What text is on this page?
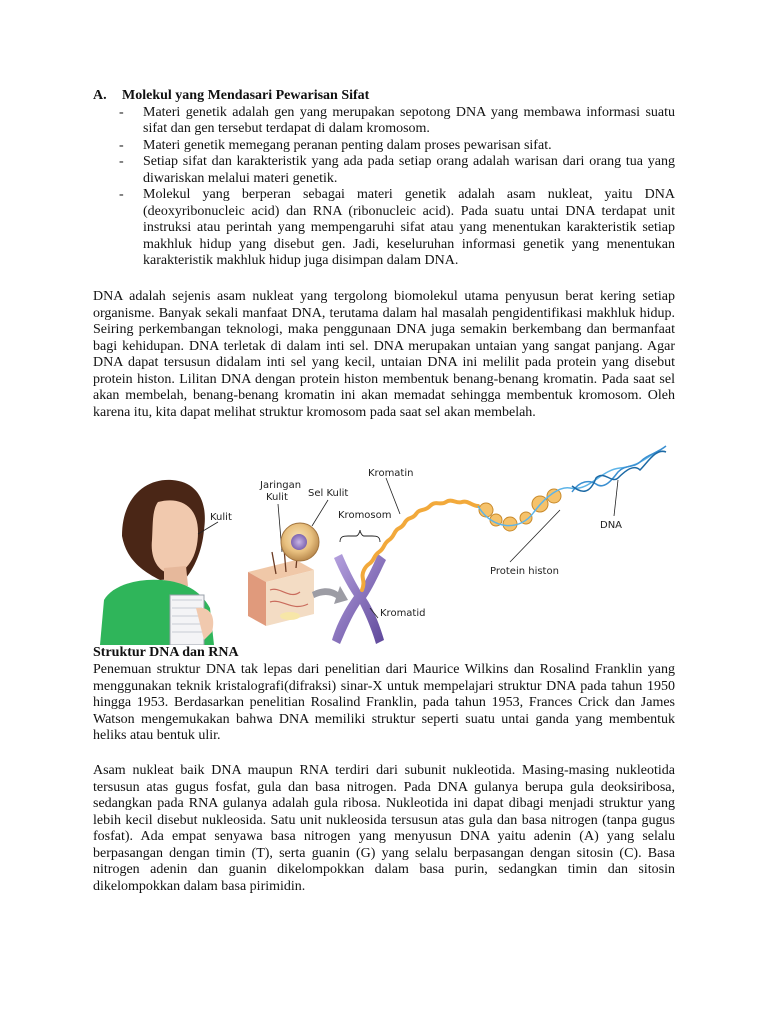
A.	Molekul yang Mendasari Pewarisan Sifat
- Materi genetik adalah gen yang merupakan sepotong DNA yang membawa informasi suatu sifat dan gen tersebut terdapat di dalam kromosom.
- Materi genetik memegang peranan penting dalam proses pewarisan sifat.
- Setiap sifat dan karakteristik yang ada pada setiap orang adalah warisan dari orang tua yang diwariskan melalui materi genetik.
- Molekul yang berperan sebagai materi genetik adalah asam nukleat, yaitu DNA (deoxyribonucleic acid) dan RNA (ribonucleic acid). Pada suatu untai DNA terdapat unit instruksi atau perintah yang mempengaruhi sifat atau yang menentukan karakteristik setiap makhluk hidup yang disebut gen. Jadi, keseluruhan informasi genetik yang menentukan karakteristik makhluk hidup juga disimpan dalam DNA.

DNA adalah sejenis asam nukleat yang tergolong biomolekul utama penyusun berat kering setiap organisme. Banyak sekali manfaat DNA, terutama dalam hal masalah pengidentifikasi makhluk hidup. Seiring perkembangan teknologi, maka penggunaan DNA juga semakin berkembang dan bermanfaat bagi kehidupan. DNA terletak di dalam inti sel. DNA merupakan untaian yang sangat panjang. Agar DNA dapat tersusun didalam inti sel yang kecil, untaian DNA ini melilit pada protein yang disebut protein histon. Lilitan DNA dengan protein histon membentuk benang-benang kromatin. Pada saat sel akan membelah, benang-benang kromatin ini akan memadat sehingga membentuk kromosom. Oleh karena itu, kita dapat melihat struktur kromosom pada saat sel akan membelah.

Kulit
Jaringan
Kulit Sel Kulit
Kromosom
Kromatid
Kromatin
Protein histon
DNA
Struktur DNA dan RNA

Penemuan struktur DNA tak lepas dari penelitian dari Maurice Wilkins dan Rosalind Franklin yang menggunakan teknik kristalografi(difraksi) sinar-X untuk mempelajari struktur DNA pada tahun 1950 hingga 1953. Berdasarkan penelitian Rosalind Franklin, pada tahun 1953, Frances Crick dan James Watson mengemukakan bahwa DNA memiliki struktur seperti suatu untai ganda yang membentuk heliks atau bentuk ulir.

Asam nukleat baik DNA maupun RNA terdiri dari subunit nukleotida. Masing-masing nukleotida tersusun atas gugus fosfat, gula dan basa nitrogen. Pada DNA gulanya berupa gula deoksiribosa, sedangkan pada RNA gulanya adalah gula ribosa. Nukleotida ini dapat dibagi menjadi struktur yang lebih kecil disebut nukleosida. Satu unit nukleosida tersusun atas gula dan basa nitrogen (tanpa gugus fosfat). Ada empat senyawa basa nitrogen yang menyusun DNA yaitu adenin (A) yang selalu berpasangan dengan timin (T), serta guanin (G) yang selalu berpasangan dengan sitosin (C). Basa nitrogen adenin dan guanin dikelompokkan dalam basa purin, sedangkan timin dan sitosin dikelompokkan dalam basa pirimidin.
